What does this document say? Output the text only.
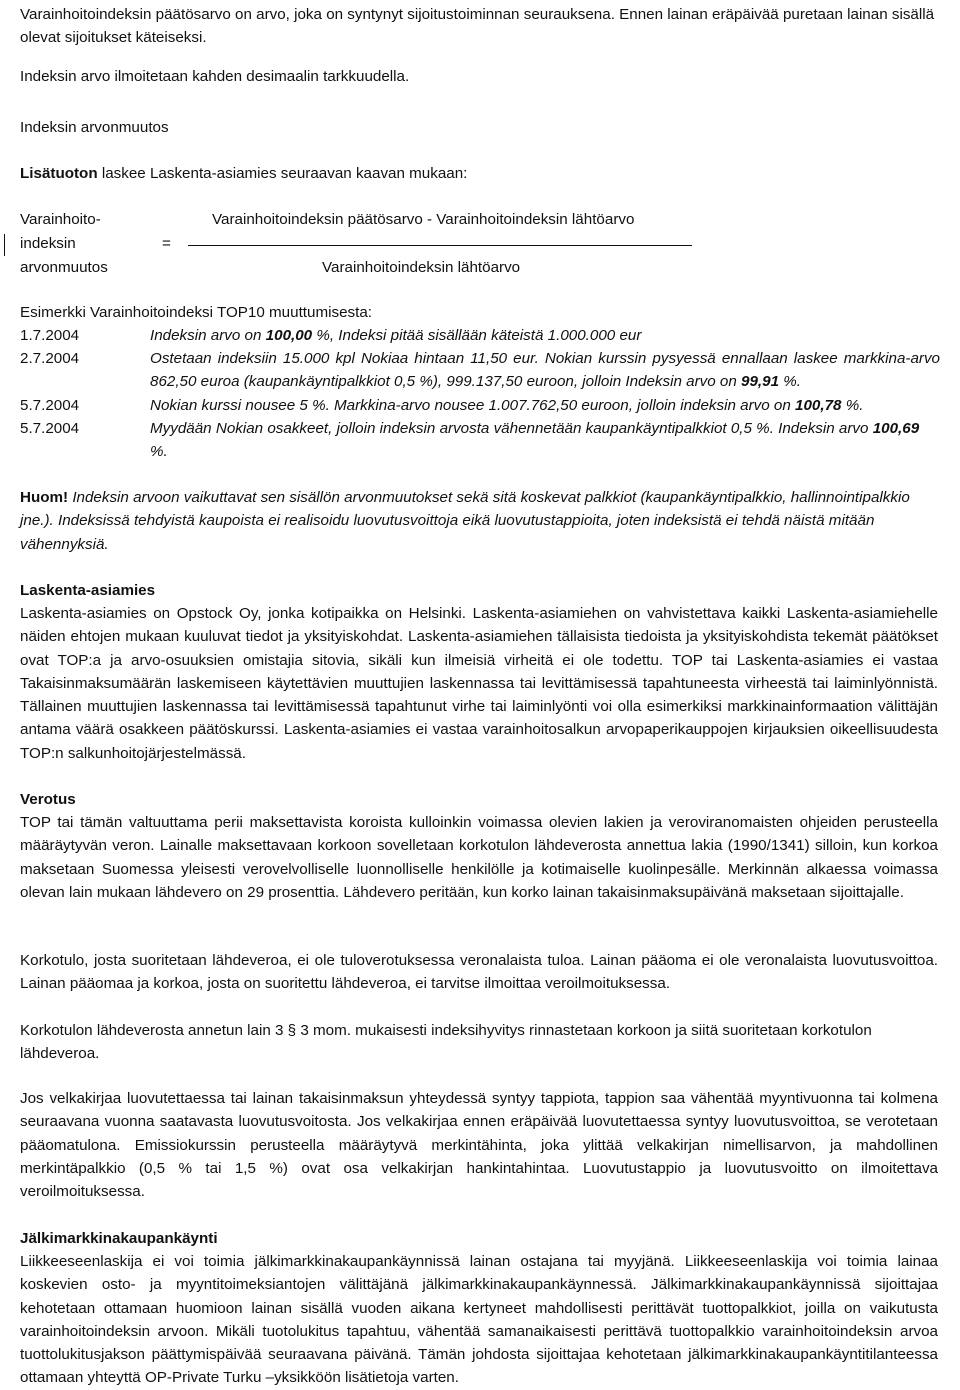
Varainhoitoindeksin päätösarvo on arvo, joka on syntynyt sijoitustoiminnan seurauksena. Ennen lainan eräpäivää puretaan lainan sisällä olevat sijoitukset käteiseksi.

Indeksin arvo ilmoitetaan kahden desimaalin tarkkuudella.

Indeksin arvonmuutos

Lisätuoton laskee Laskenta-asiamies seuraavan kaavan mukaan:

Varainhoito-
indeksin
arvonmuutos
=
Varainhoitoindeksin päätösarvo - Varainhoitoindeksin lähtöarvo
Varainhoitoindeksin lähtöarvo

Esimerkki Varainhoitoindeksi TOP10 muuttumisesta:

1.7.2004	Indeksin arvo on 100,00 %, Indeksi pitää sisällään käteistä 1.000.000 eur
2.7.2004	Ostetaan indeksiin 15.000 kpl Nokiaa hintaan 11,50 eur. Nokian kurssin pysyessä ennallaan laskee markkina-arvo 862,50 euroa (kaupankäyntipalkkiot 0,5 %), 999.137,50 euroon, jolloin Indeksin arvo on 99,91 %.
5.7.2004	Nokian kurssi nousee 5 %. Markkina-arvo nousee 1.007.762,50 euroon, jolloin indeksin arvo on 100,78 %.
5.7.2004	Myydään Nokian osakkeet, jolloin indeksin arvosta vähennetään kaupankäyntipalkkiot 0,5 %. Indeksin arvo 100,69 %.

Huom! Indeksin arvoon vaikuttavat sen sisällön arvonmuutokset sekä sitä koskevat palkkiot (kaupankäyntipalkkio, hallinnointipalkkio jne.). Indeksissä tehdyistä kaupoista ei realisoidu luovutusvoittoja eikä luovutustappioita, joten indeksistä ei tehdä näistä mitään vähennyksiä.

Laskenta-asiamies

Laskenta-asiamies on Opstock Oy, jonka kotipaikka on Helsinki. Laskenta-asiamiehen on vahvistettava kaikki Laskenta-asiamiehelle näiden ehtojen mukaan kuuluvat tiedot ja yksityiskohdat. Laskenta-asiamiehen tällaisista tiedoista ja yksityiskohdista tekemät päätökset ovat TOP:a ja arvo-osuuksien omistajia sitovia, sikäli kun ilmeisiä virheitä ei ole todettu. TOP tai Laskenta-asiamies ei vastaa Takaisinmaksumäärän laskemiseen käytettävien muuttujien laskennassa tai levittämisessä tapahtuneesta virheestä tai laiminlyönnistä. Tällainen muuttujien laskennassa tai levittämisessä tapahtunut virhe tai laiminlyönti voi olla esimerkiksi markkinainformaation välittäjän antama väärä osakkeen päätöskurssi. Laskenta-asiamies ei vastaa varainhoitosalkun arvopaperikauppojen kirjauksien oikeellisuudesta TOP:n salkunhoitojärjestelmässä.

Verotus

TOP tai tämän valtuuttama perii maksettavista koroista kulloinkin voimassa olevien lakien ja veroviranomaisten ohjeiden perusteella määräytyvän veron. Lainalle maksettavaan korkoon sovelletaan korkotulon lähdeverosta annettua lakia (1990/1341) silloin, kun korkoa maksetaan Suomessa yleisesti verovelvolliselle luonnolliselle henkilölle ja kotimaiselle kuolinpesälle. Merkinnän alkaessa voimassa olevan lain mukaan lähdevero on 29 prosenttia. Lähdevero peritään, kun korko lainan takaisinmaksupäivänä maksetaan sijoittajalle.

Korkotulo, josta suoritetaan lähdeveroa, ei ole tuloverotuksessa veronalaista tuloa. Lainan pääoma ei ole veronalaista luovutusvoittoa. Lainan pääomaa ja korkoa, josta on suoritettu lähdeveroa, ei tarvitse ilmoittaa veroilmoituksessa.

Korkotulon lähdeverosta annetun lain 3 § 3 mom. mukaisesti indeksihyvitys rinnastetaan korkoon ja siitä suoritetaan korkotulon lähdeveroa.

Jos velkakirjaa luovutettaessa tai lainan takaisinmaksun yhteydessä syntyy tappiota, tappion saa vähentää myyntivuonna tai kolmena seuraavana vuonna saatavasta luovutusvoitosta. Jos velkakirjaa ennen eräpäivää luovutettaessa syntyy luovutusvoittoa, se verotetaan pääomatulona. Emissiokurssin perusteella määräytyvä merkintähinta, joka ylittää velkakirjan nimellisarvon, ja mahdollinen merkintäpalkkio (0,5 % tai 1,5 %) ovat osa velkakirjan hankintahintaa. Luovutustappio ja luovutusvoitto on ilmoitettava veroilmoituksessa.

Jälkimarkkinakaupankäynti

Liikkeeseenlaskija ei voi toimia jälkimarkkinakaupankäynnissä lainan ostajana tai myyjänä. Liikkeeseenlaskija voi toimia lainaa koskevien osto- ja myyntitoimeksiantojen välittäjänä jälkimarkkinakaupankäynnessä. Jälkimarkkinakaupankäynnissä sijoittajaa kehotetaan ottamaan huomioon lainan sisällä vuoden aikana kertyneet mahdollisesti perittävät tuottopalkkiot, joilla on vaikutusta varainhoitoindeksin arvoon. Mikäli tuotolukitus tapahtuu, vähentää samanaikaisesti perittävä tuottopalkkio varainhoitoindeksin arvoa tuottolukitusjakson päättymispäivää seuraavana päivänä. Tämän johdosta sijoittajaa kehotetaan jälkimarkkinakaupankäyntitilanteessa ottamaan yhteyttä OP-Private Turku –yksikköön lisätietoja varten.
